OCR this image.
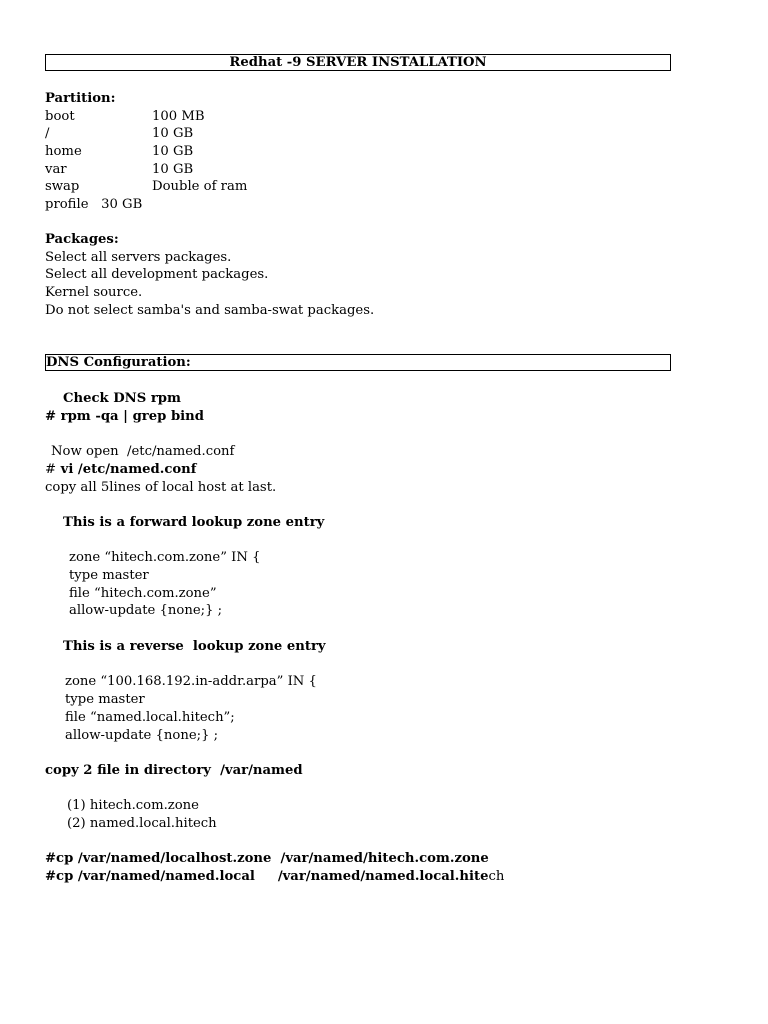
Redhat -9 SERVER INSTALLATION
Partition:
boot	100 MB
/	10 GB
home	10 GB
var	10 GB
swap	Double of ram
profile   30 GB
Packages:
Select all servers packages.
Select all development packages.
Kernel source.
Do not select samba's and samba-swat packages.
DNS Configuration:
Check DNS rpm
# rpm -qa | grep bind
Now open  /etc/named.conf
# vi /etc/named.conf
copy all 5lines of local host at last.
This is a forward lookup zone entry
zone “hitech.com.zone” IN {
type master
file “hitech.com.zone”
allow-update {none;} ;
This is a reverse  lookup zone entry
zone “100.168.192.in-addr.arpa” IN {
type master
file “named.local.hitech”;
allow-update {none;} ;
copy 2 file in directory  /var/named
(1) hitech.com.zone
(2) named.local.hitech
#cp /var/named/localhost.zone  /var/named/hitech.com.zone
#cp /var/named/named.local     /var/named/named.local.hitech
